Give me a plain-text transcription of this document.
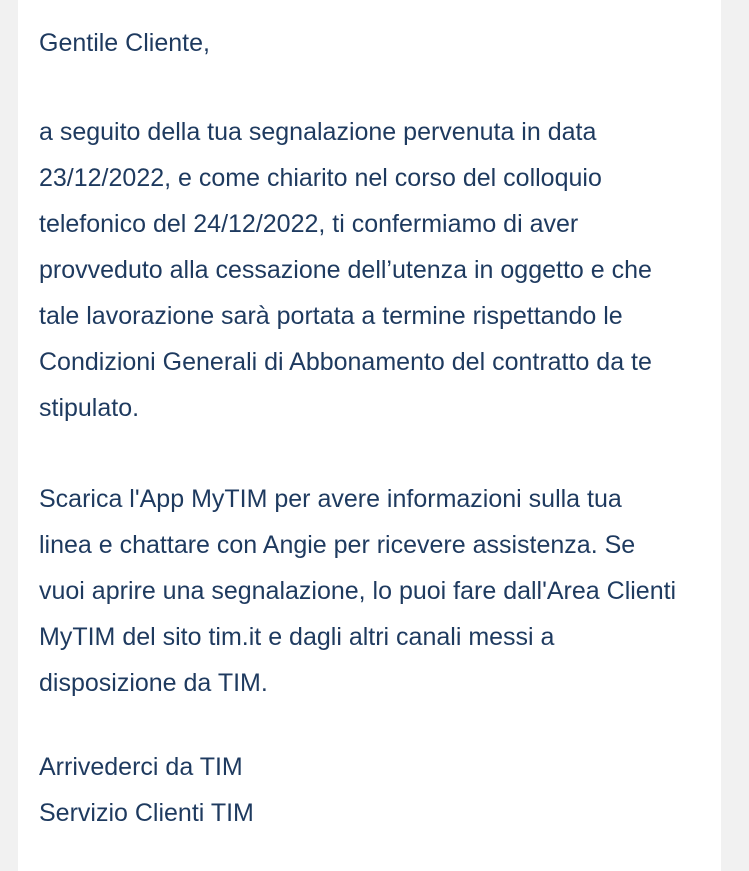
Gentile Cliente,
a seguito della tua segnalazione pervenuta in data
23/12/2022, e come chiarito nel corso del colloquio
telefonico del 24/12/2022, ti confermiamo di aver
provveduto alla cessazione dell’utenza in oggetto e che
tale lavorazione sarà portata a termine rispettando le
Condizioni Generali di Abbonamento del contratto da te
stipulato.
Scarica l'App MyTIM per avere informazioni sulla tua
linea e chattare con Angie per ricevere assistenza. Se
vuoi aprire una segnalazione, lo puoi fare dall'Area Clienti
MyTIM del sito tim.it e dagli altri canali messi a
disposizione da TIM.
Arrivederci da TIM
Servizio Clienti TIM
